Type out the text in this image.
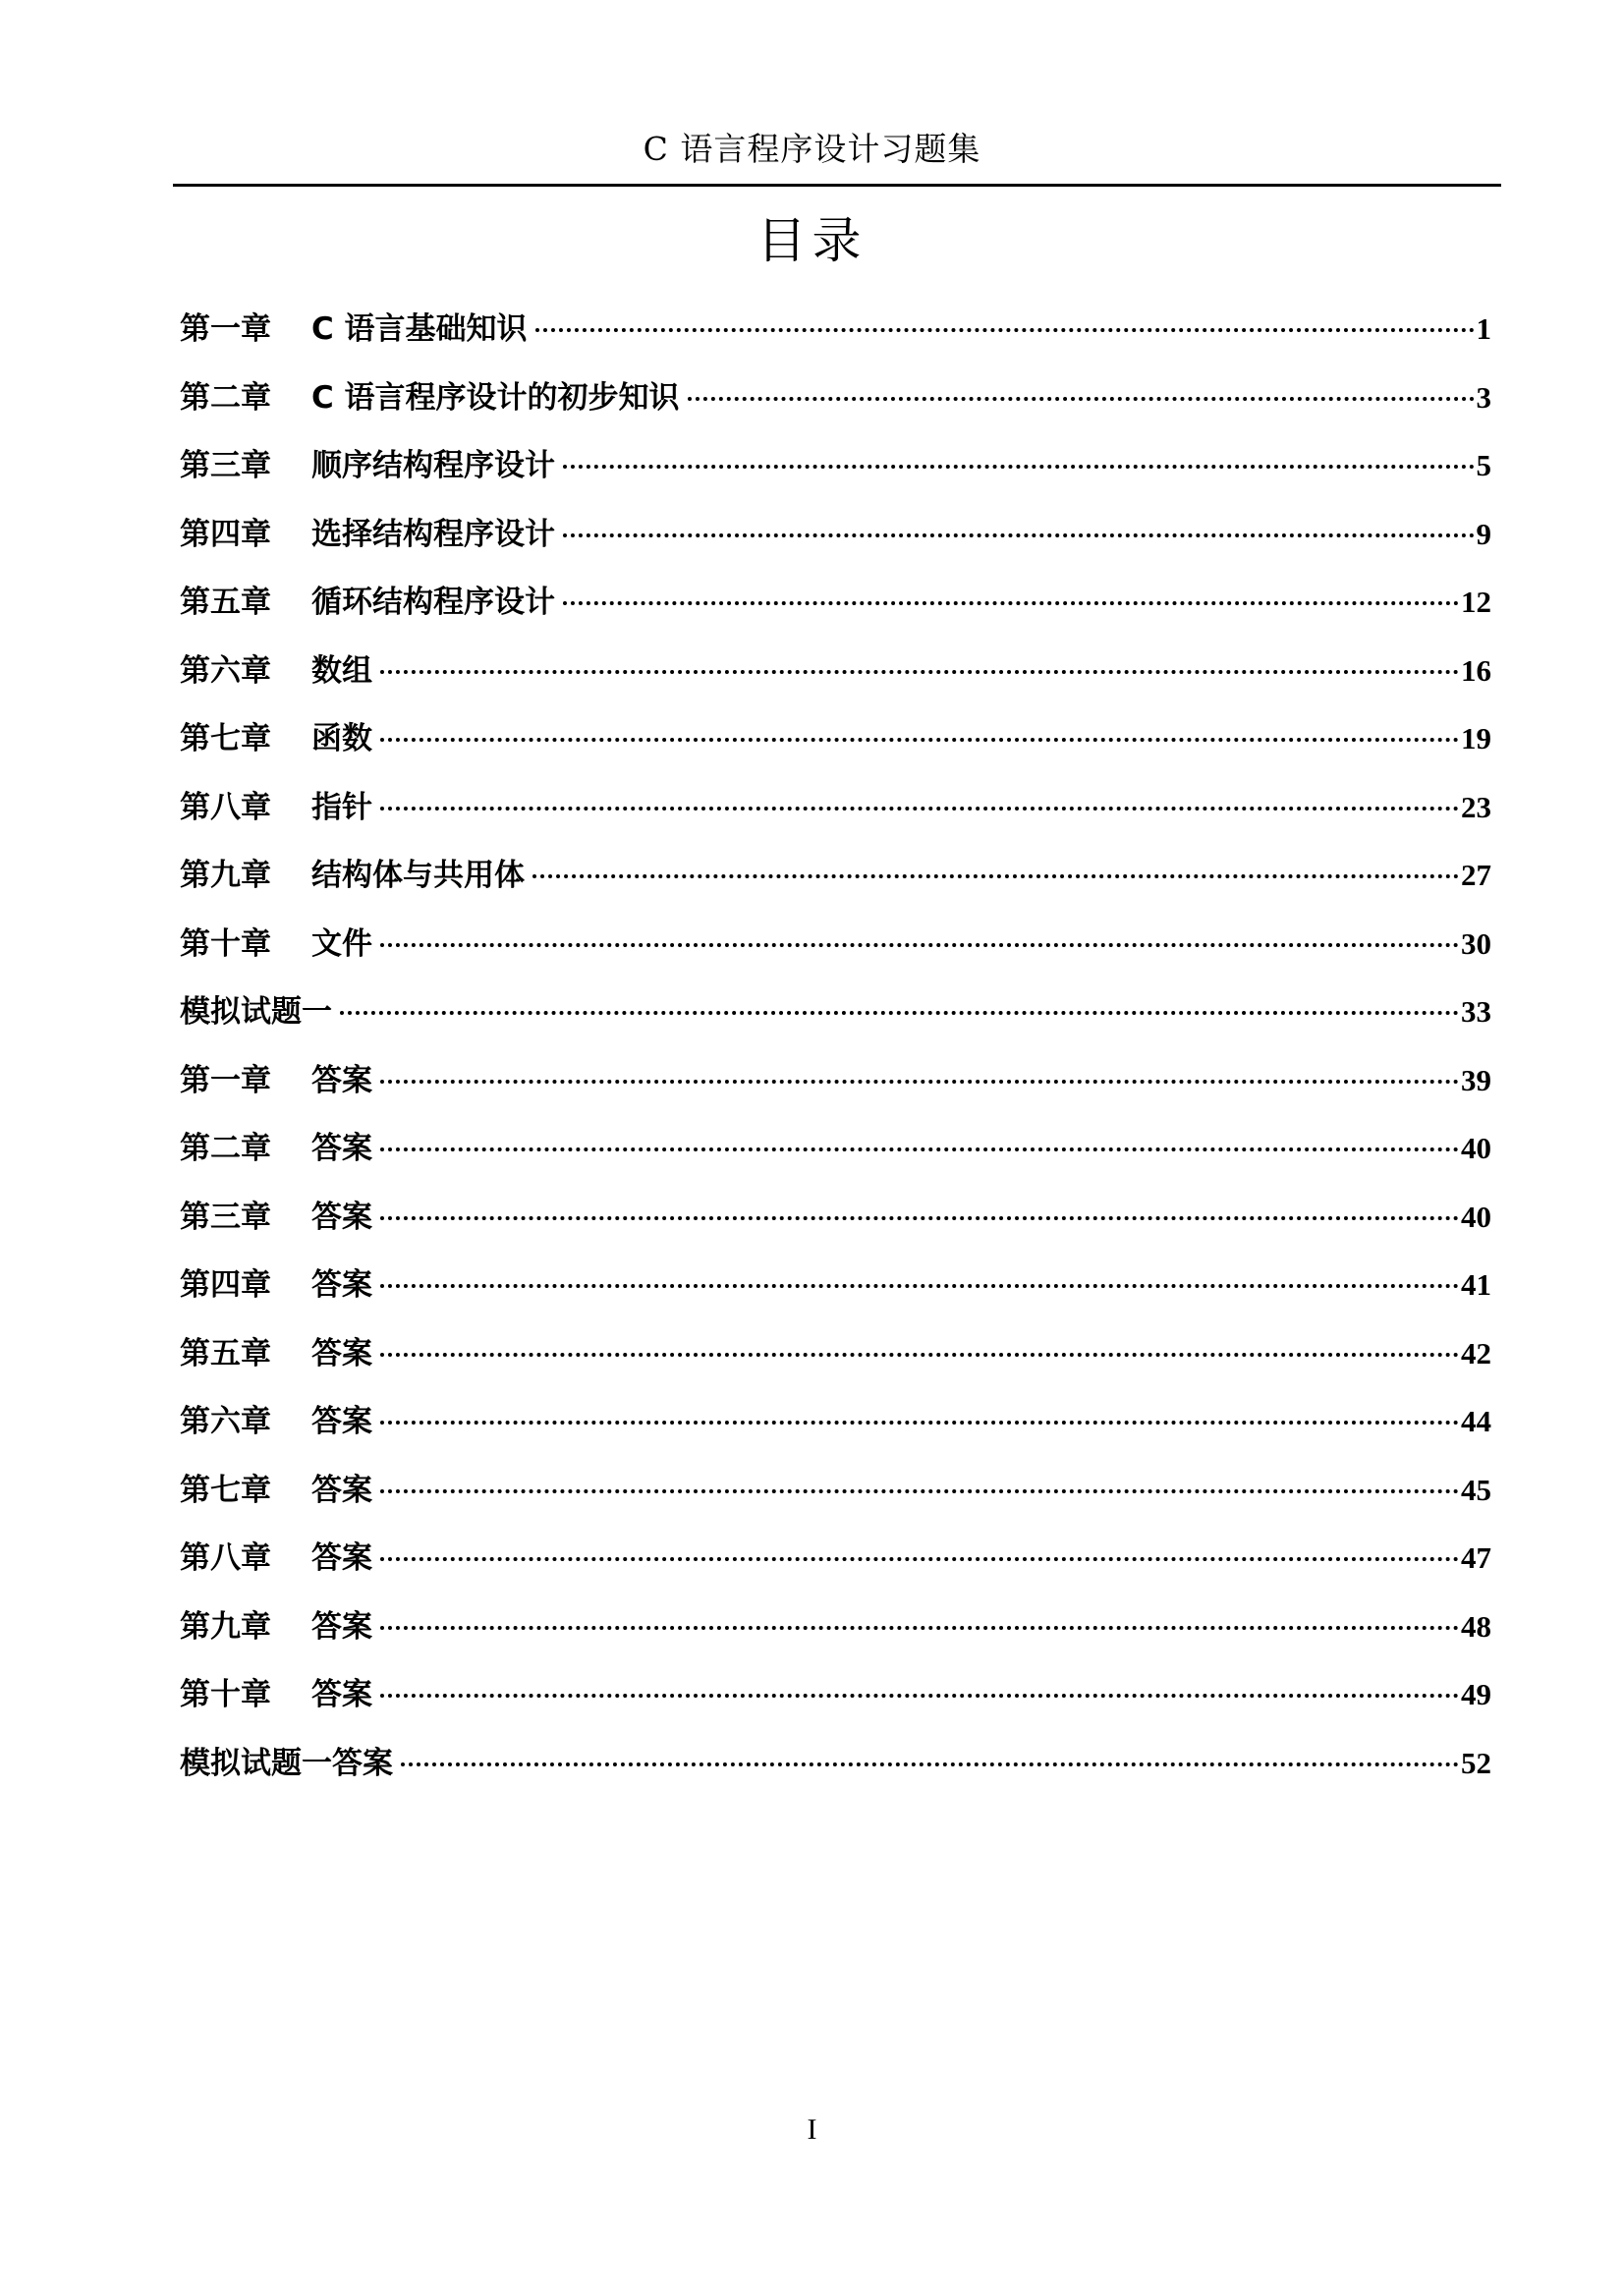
C 语言程序设计习题集
目录
第一章	C 语言基础知识	1
第二章	C 语言程序设计的初步知识	3
第三章	顺序结构程序设计	5
第四章	选择结构程序设计	9
第五章	循环结构程序设计	12
第六章	数组	16
第七章	函数	19
第八章	指针	23
第九章	结构体与共用体	27
第十章	文件	30
模拟试题一	33
第一章	答案	39
第二章	答案	40
第三章	答案	40
第四章	答案	41
第五章	答案	42
第六章	答案	44
第七章	答案	45
第八章	答案	47
第九章	答案	48
第十章	答案	49
模拟试题一答案	52
I
